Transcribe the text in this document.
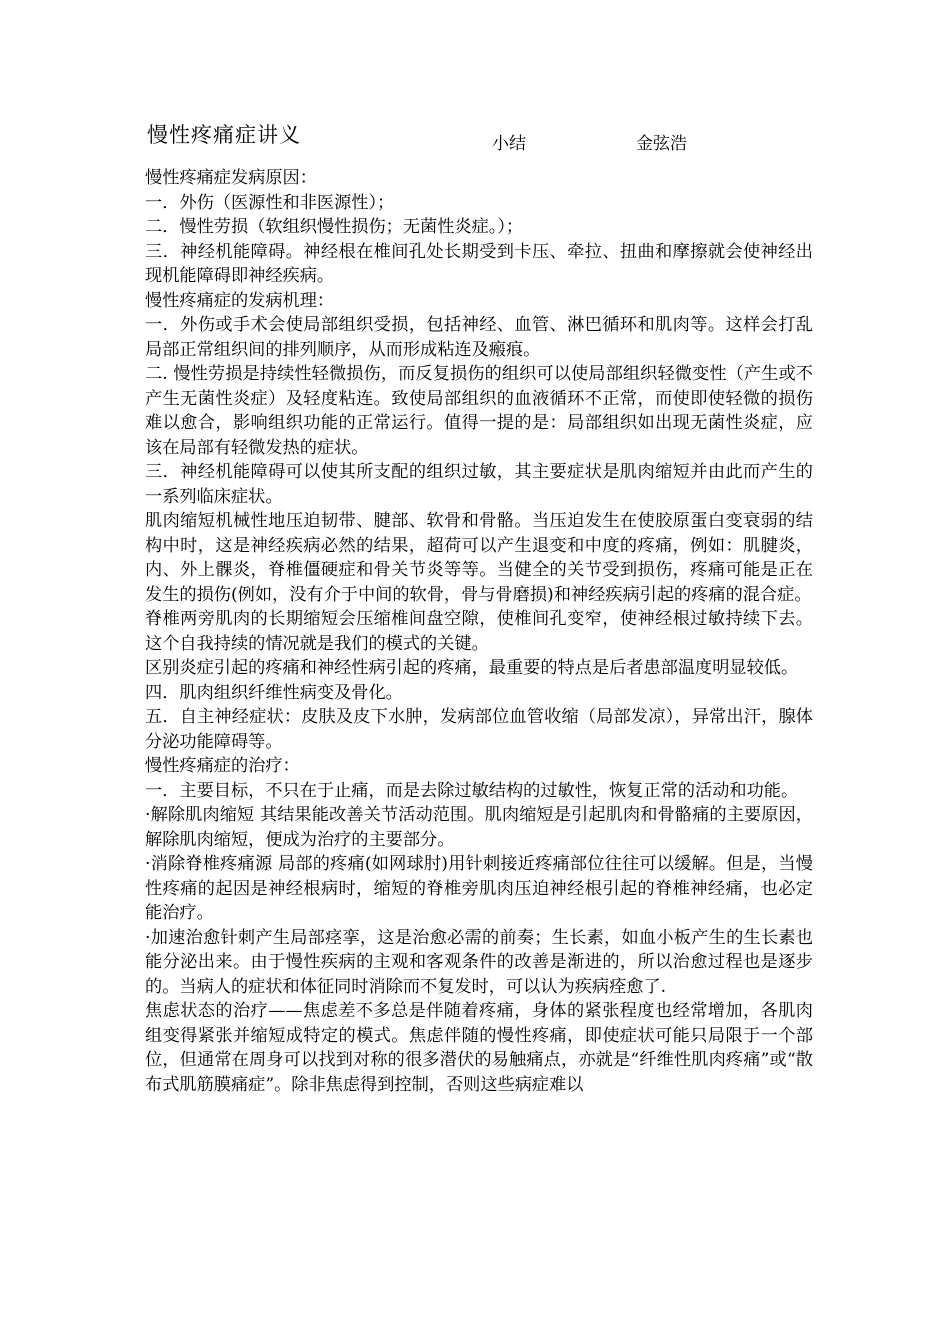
慢性疼痛症讲义	小结	金弦浩

慢性疼痛症发病原因：

一．外伤（医源性和非医源性）；

二．慢性劳损（软组织慢性损伤；无菌性炎症。）；

三．神经机能障碍。神经根在椎间孔处长期受到卡压、牵拉、扭曲和摩擦就会使神经出现机能障碍即神经疾病。

慢性疼痛症的发病机理：

一．外伤或手术会使局部组织受损，包括神经、血管、淋巴循环和肌肉等。这样会打乱局部正常组织间的排列顺序，从而形成粘连及瘢痕。

二. 慢性劳损是持续性轻微损伤，而反复损伤的组织可以使局部组织轻微变性（产生或不产生无菌性炎症）及轻度粘连。致使局部组织的血液循环不正常，而使即使轻微的损伤难以愈合，影响组织功能的正常运行。值得一提的是：局部组织如出现无菌性炎症，应该在局部有轻微发热的症状。

三．神经机能障碍可以使其所支配的组织过敏，其主要症状是肌肉缩短并由此而产生的一系列临床症状。

肌肉缩短机械性地压迫韧带、腱部、软骨和骨骼。当压迫发生在使胶原蛋白变衰弱的结构中时，这是神经疾病必然的结果，超荷可以产生退变和中度的疼痛，例如：肌腱炎，内、外上髁炎，脊椎僵硬症和骨关节炎等等。当健全的关节受到损伤，疼痛可能是正在发生的损伤(例如，没有介于中间的软骨，骨与骨磨损)和神经疾病引起的疼痛的混合症。

脊椎两旁肌肉的长期缩短会压缩椎间盘空隙，使椎间孔变窄，使神经根过敏持续下去。这个自我持续的情况就是我们的模式的关键。

区别炎症引起的疼痛和神经性病引起的疼痛，最重要的特点是后者患部温度明显较低。

四．肌肉组织纤维性病变及骨化。

五．自主神经症状：皮肤及皮下水肿，发病部位血管收缩（局部发凉），异常出汗，腺体分泌功能障碍等。

慢性疼痛症的治疗：

一．主要目标，不只在于止痛，而是去除过敏结构的过敏性，恢复正常的活动和功能。

·解除肌肉缩短 其结果能改善关节活动范围。肌肉缩短是引起肌肉和骨骼痛的主要原因，解除肌肉缩短，便成为治疗的主要部分。

·消除脊椎疼痛源 局部的疼痛(如网球肘)用针刺接近疼痛部位往往可以缓解。但是，当慢性疼痛的起因是神经根病时，缩短的脊椎旁肌肉压迫神经根引起的脊椎神经痛，也必定能治疗。

·加速治愈针刺产生局部痉挛，这是治愈必需的前奏；生长素，如血小板产生的生长素也能分泌出来。由于慢性疾病的主观和客观条件的改善是渐进的，所以治愈过程也是逐步的。当病人的症状和体征同时消除而不复发时，可以认为疾病痊愈了.

焦虑状态的治疗——焦虑差不多总是伴随着疼痛，身体的紧张程度也经常增加，各肌肉组变得紧张并缩短成特定的模式。焦虑伴随的慢性疼痛，即使症状可能只局限于一个部位，但通常在周身可以找到对称的很多潜伏的易触痛点，亦就是“纤维性肌肉疼痛”或“散布式肌筋膜痛症”。除非焦虑得到控制，否则这些病症难以
